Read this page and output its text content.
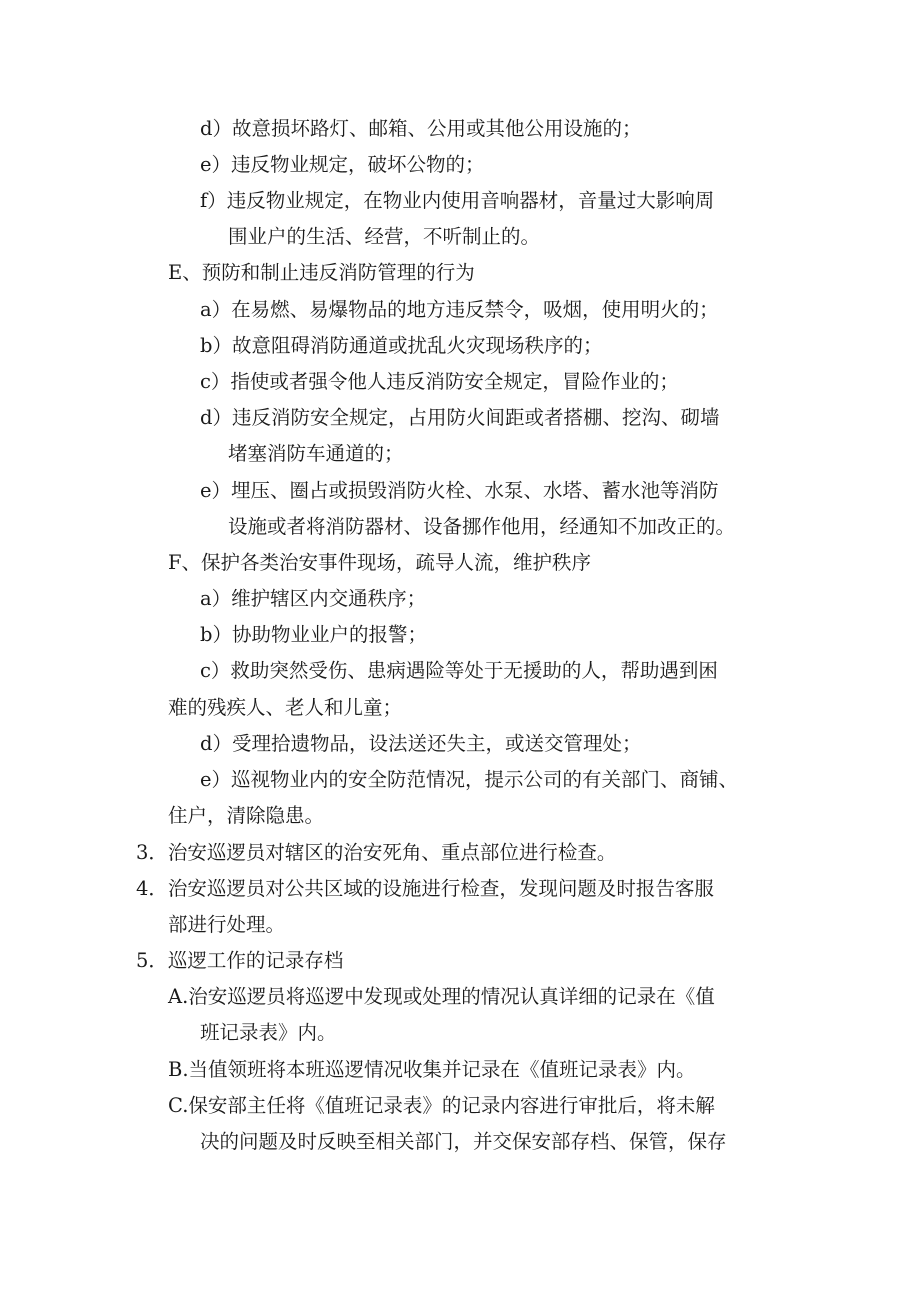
d）故意损坏路灯、邮箱、公用或其他公用设施的；
e）违反物业规定，破坏公物的；
f）违反物业规定，在物业内使用音响器材，音量过大影响周
围业户的生活、经营，不听制止的。
E、预防和制止违反消防管理的行为
a）在易燃、易爆物品的地方违反禁令，吸烟，使用明火的；
b）故意阻碍消防通道或扰乱火灾现场秩序的；
c）指使或者强令他人违反消防安全规定，冒险作业的；
d）违反消防安全规定，占用防火间距或者搭棚、挖沟、砌墙
堵塞消防车通道的；
e）埋压、圈占或损毁消防火栓、水泵、水塔、蓄水池等消防
设施或者将消防器材、设备挪作他用，经通知不加改正的。
F、保护各类治安事件现场，疏导人流，维护秩序
a）维护辖区内交通秩序；
b）协助物业业户的报警；
c）救助突然受伤、患病遇险等处于无援助的人，帮助遇到困
难的残疾人、老人和儿童；
d）受理拾遗物品，设法送还失主，或送交管理处；
e）巡视物业内的安全防范情况，提示公司的有关部门、商铺、
住户，清除隐患。
3．治安巡逻员对辖区的治安死角、重点部位进行检查。
4．治安巡逻员对公共区域的设施进行检查，发现问题及时报告客服
部进行处理。
5．巡逻工作的记录存档
A.治安巡逻员将巡逻中发现或处理的情况认真详细的记录在《值
班记录表》内。
B.当值领班将本班巡逻情况收集并记录在《值班记录表》内。
C.保安部主任将《值班记录表》的记录内容进行审批后，将未解
决的问题及时反映至相关部门，并交保安部存档、保管，保存
